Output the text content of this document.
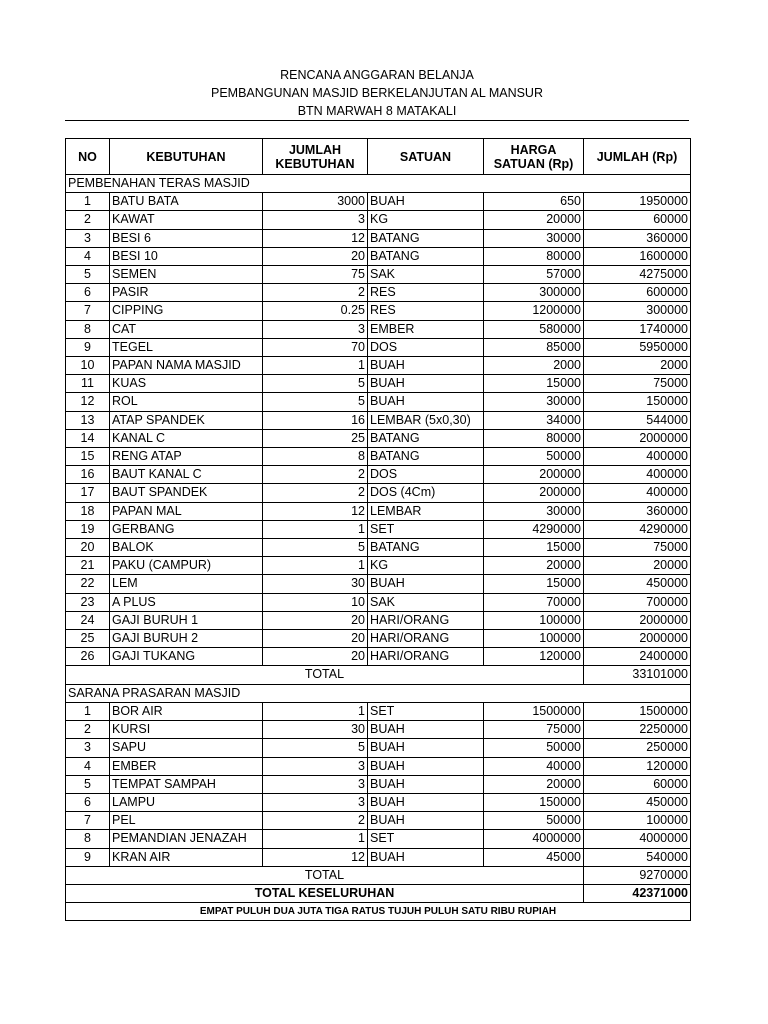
RENCANA ANGGARAN BELANJA
PEMBANGUNAN MASJID BERKELANJUTAN AL MANSUR
BTN MARWAH 8 MATAKALI
NO	KEBUTUHAN	JUMLAH KEBUTUHAN	SATUAN	HARGA SATUAN (Rp)	JUMLAH (Rp)
PEMBENAHAN TERAS MASJID					
1	BATU BATA	3000	BUAH	650	1950000
2	KAWAT	3	KG	20000	60000
3	BESI 6	12	BATANG	30000	360000
4	BESI 10	20	BATANG	80000	1600000
5	SEMEN	75	SAK	57000	4275000
6	PASIR	2	RES	300000	600000
7	CIPPING	0.25	RES	1200000	300000
8	CAT	3	EMBER	580000	1740000
9	TEGEL	70	DOS	85000	5950000
10	PAPAN NAMA MASJID	1	BUAH	2000	2000
11	KUAS	5	BUAH	15000	75000
12	ROL	5	BUAH	30000	150000
13	ATAP SPANDEK	16	LEMBAR (5x0,30)	34000	544000
14	KANAL C	25	BATANG	80000	2000000
15	RENG ATAP	8	BATANG	50000	400000
16	BAUT KANAL C	2	DOS	200000	400000
17	BAUT SPANDEK	2	DOS (4Cm)	200000	400000
18	PAPAN MAL	12	LEMBAR	30000	360000
19	GERBANG	1	SET	4290000	4290000
20	BALOK	5	BATANG	15000	75000
21	PAKU (CAMPUR)	1	KG	20000	20000
22	LEM	30	BUAH	15000	450000
23	A PLUS	10	SAK	70000	700000
24	GAJI BURUH 1	20	HARI/ORANG	100000	2000000
25	GAJI BURUH 2	20	HARI/ORANG	100000	2000000
26	GAJI TUKANG	20	HARI/ORANG	120000	2400000
TOTAL					33101000
SARANA PRASARAN MASJID					
1	BOR AIR	1	SET	1500000	1500000
2	KURSI	30	BUAH	75000	2250000
3	SAPU	5	BUAH	50000	250000
4	EMBER	3	BUAH	40000	120000
5	TEMPAT SAMPAH	3	BUAH	20000	60000
6	LAMPU	3	BUAH	150000	450000
7	PEL	2	BUAH	50000	100000
8	PEMANDIAN JENAZAH	1	SET	4000000	4000000
9	KRAN AIR	12	BUAH	45000	540000
TOTAL					9270000
TOTAL KESELURUHAN					42371000
EMPAT PULUH DUA JUTA TIGA RATUS TUJUH PULUH SATU RIBU RUPIAH					
